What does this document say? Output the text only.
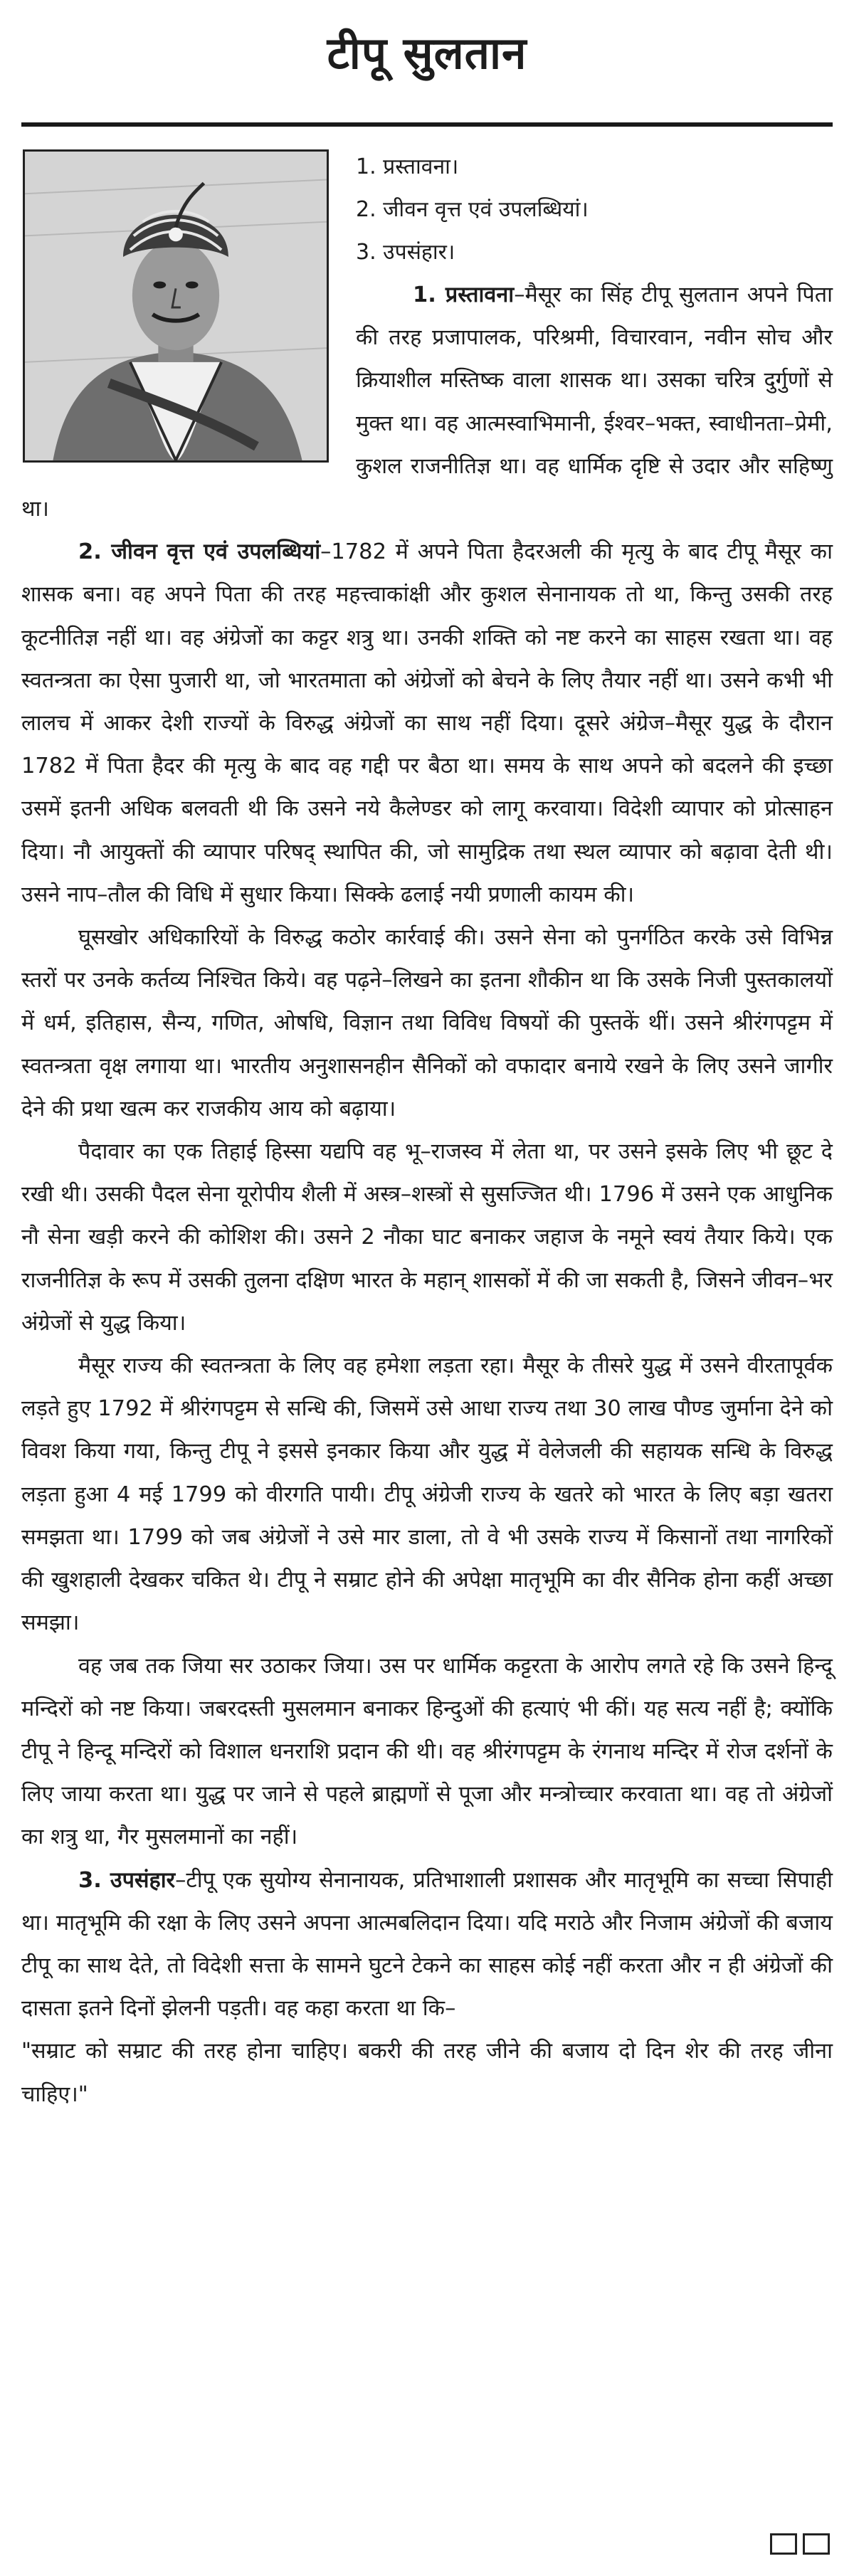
टीपू सुलतान
1. प्रस्तावना।
2. जीवन वृत्त एवं उपलब्धियां।
3. उपसंहार।

1. प्रस्तावना–मैसूर का सिंह टीपू सुलतान अपने पिता की तरह प्रजापालक, परिश्रमी, विचारवान, नवीन सोच और क्रियाशील मस्तिष्क वाला शासक था। उसका चरित्र दुर्गुणों से मुक्त था। वह आत्मस्वाभिमानी, ईश्वर–भक्त, स्वाधीनता–प्रेमी, कुशल राजनीतिज्ञ था। वह धार्मिक दृष्टि से उदार और सहिष्णु था।

2. जीवन वृत्त एवं उपलब्धियां–1782 में अपने पिता हैदरअली की मृत्यु के बाद टीपू मैसूर का शासक बना। वह अपने पिता की तरह महत्त्वाकांक्षी और कुशल सेनानायक तो था, किन्तु उसकी तरह कूटनीतिज्ञ नहीं था। वह अंग्रेजों का कट्टर शत्रु था। उनकी शक्ति को नष्ट करने का साहस रखता था। वह स्वतन्त्रता का ऐसा पुजारी था, जो भारतमाता को अंग्रेजों को बेचने के लिए तैयार नहीं था। उसने कभी भी लालच में आकर देशी राज्यों के विरुद्ध अंग्रेजों का साथ नहीं दिया। दूसरे अंग्रेज–मैसूर युद्ध के दौरान 1782 में पिता हैदर की मृत्यु के बाद वह गद्दी पर बैठा था। समय के साथ अपने को बदलने की इच्छा उसमें इतनी अधिक बलवती थी कि उसने नये कैलेण्डर को लागू करवाया। विदेशी व्यापार को प्रोत्साहन दिया। नौ आयुक्तों की व्यापार परिषद् स्थापित की, जो सामुद्रिक तथा स्थल व्यापार को बढ़ावा देती थी। उसने नाप–तौल की विधि में सुधार किया। सिक्के ढलाई नयी प्रणाली कायम की।

घूसखोर अधिकारियों के विरुद्ध कठोर कार्रवाई की। उसने सेना को पुनर्गठित करके उसे विभिन्न स्तरों पर उनके कर्तव्य निश्चित किये। वह पढ़ने–लिखने का इतना शौकीन था कि उसके निजी पुस्तकालयों में धर्म, इतिहास, सैन्य, गणित, ओषधि, विज्ञान तथा विविध विषयों की पुस्तकें थीं। उसने श्रीरंगपट्टम में स्वतन्त्रता वृक्ष लगाया था। भारतीय अनुशासनहीन सैनिकों को वफादार बनाये रखने के लिए उसने जागीर देने की प्रथा खत्म कर राजकीय आय को बढ़ाया।

पैदावार का एक तिहाई हिस्सा यद्यपि वह भू–राजस्व में लेता था, पर उसने इसके लिए भी छूट दे रखी थी। उसकी पैदल सेना यूरोपीय शैली में अस्त्र–शस्त्रों से सुसज्जित थी। 1796 में उसने एक आधुनिक नौ सेना खड़ी करने की कोशिश की। उसने 2 नौका घाट बनाकर जहाज के नमूने स्वयं तैयार किये। एक राजनीतिज्ञ के रूप में उसकी तुलना दक्षिण भारत के महान् शासकों में की जा सकती है, जिसने जीवन–भर अंग्रेजों से युद्ध किया।

मैसूर राज्य की स्वतन्त्रता के लिए वह हमेशा लड़ता रहा। मैसूर के तीसरे युद्ध में उसने वीरतापूर्वक लड़ते हुए 1792 में श्रीरंगपट्टम से सन्धि की, जिसमें उसे आधा राज्य तथा 30 लाख पौण्ड जुर्माना देने को विवश किया गया, किन्तु टीपू ने इससे इनकार किया और युद्ध में वेलेजली की सहायक सन्धि के विरुद्ध लड़ता हुआ 4 मई 1799 को वीरगति पायी। टीपू अंग्रेजी राज्य के खतरे को भारत के लिए बड़ा खतरा समझता था। 1799 को जब अंग्रेजों ने उसे मार डाला, तो वे भी उसके राज्य में किसानों तथा नागरिकों की खुशहाली देखकर चकित थे। टीपू ने सम्राट होने की अपेक्षा मातृभूमि का वीर सैनिक होना कहीं अच्छा समझा।

वह जब तक जिया सर उठाकर जिया। उस पर धार्मिक कट्टरता के आरोप लगते रहे कि उसने हिन्दू मन्दिरों को नष्ट किया। जबरदस्ती मुसलमान बनाकर हिन्दुओं की हत्याएं भी कीं। यह सत्य नहीं है; क्योंकि टीपू ने हिन्दू मन्दिरों को विशाल धनराशि प्रदान की थी। वह श्रीरंगपट्टम के रंगनाथ मन्दिर में रोज दर्शनों के लिए जाया करता था। युद्ध पर जाने से पहले ब्राह्मणों से पूजा और मन्त्रोच्चार करवाता था। वह तो अंग्रेजों का शत्रु था, गैर मुसलमानों का नहीं।

3. उपसंहार–टीपू एक सुयोग्य सेनानायक, प्रतिभाशाली प्रशासक और मातृभूमि का सच्चा सिपाही था। मातृभूमि की रक्षा के लिए उसने अपना आत्मबलिदान दिया। यदि मराठे और निजाम अंग्रेजों की बजाय टीपू का साथ देते, तो विदेशी सत्ता के सामने घुटने टेकने का साहस कोई नहीं करता और न ही अंग्रेजों की दासता इतने दिनों झेलनी पड़ती। वह कहा करता था कि–

"सम्राट को सम्राट की तरह होना चाहिए। बकरी की तरह जीने की बजाय दो दिन शेर की तरह जीना चाहिए।"
